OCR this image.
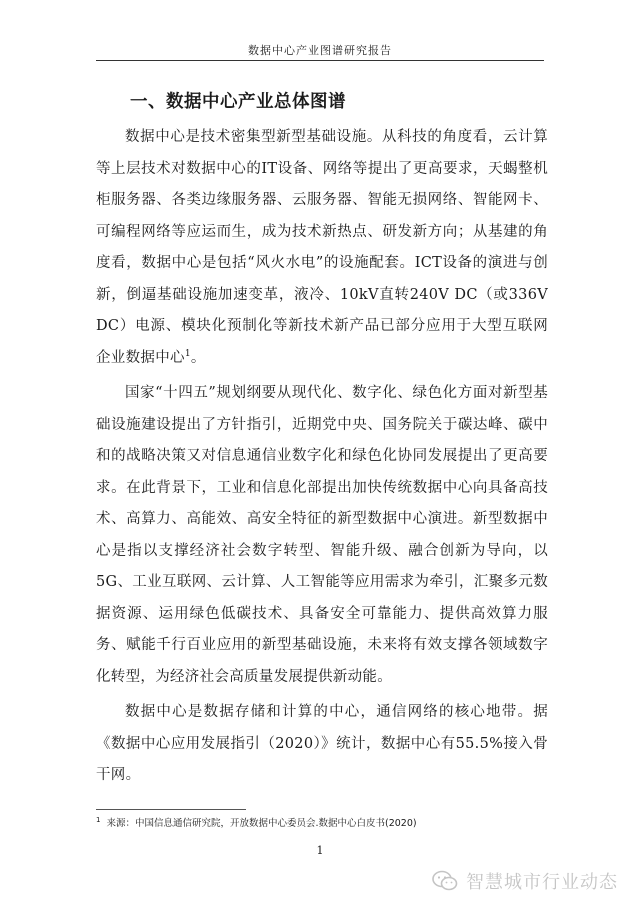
数据中心产业图谱研究报告
一、数据中心产业总体图谱

数据中心是技术密集型新型基础设施。从科技的角度看，云计算等上层技术对数据中心的IT设备、网络等提出了更高要求，天蝎整机柜服务器、各类边缘服务器、云服务器、智能无损网络、智能网卡、可编程网络等应运而生，成为技术新热点、研发新方向；从基建的角度看，数据中心是包括“风火水电”的设施配套。ICT设备的演进与创新，倒逼基础设施加速变革，液冷、10kV直转240V DC（或336V DC）电源、模块化预制化等新技术新产品已部分应用于大型互联网企业数据中心$^1$。

国家“十四五”规划纲要从现代化、数字化、绿色化方面对新型基础设施建设提出了方针指引，近期党中央、国务院关于碳达峰、碳中和的战略决策又对信息通信业数字化和绿色化协同发展提出了更高要求。在此背景下，工业和信息化部提出加快传统数据中心向具备高技术、高算力、高能效、高安全特征的新型数据中心演进。新型数据中心是指以支撑经济社会数字转型、智能升级、融合创新为导向，以5G、工业互联网、云计算、人工智能等应用需求为牵引，汇聚多元数据资源、运用绿色低碳技术、具备安全可靠能力、提供高效算力服务、赋能千行百业应用的新型基础设施，未来将有效支撑各领域数字化转型，为经济社会高质量发展提供新动能。

数据中心是数据存储和计算的中心，通信网络的核心地带。据《数据中心应用发展指引（2020）》统计，数据中心有55.5%接入骨干网。

$^1$ 来源：中国信息通信研究院，开放数据中心委员会.数据中心白皮书(2020)
1
智慧城市行业动态
